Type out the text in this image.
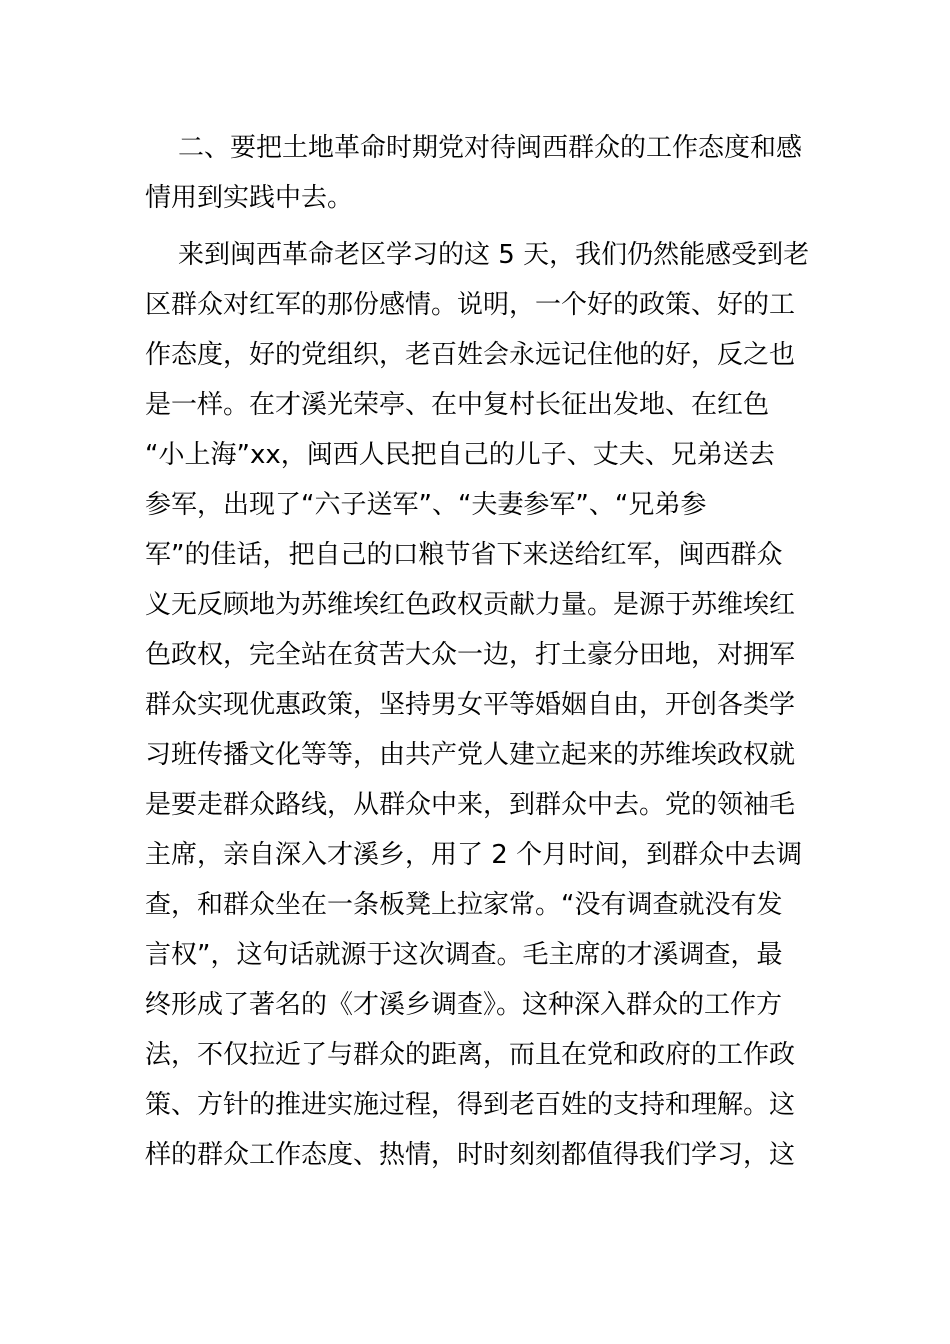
二、要把土地革命时期党对待闽西群众的工作态度和感
情用到实践中去。
来到闽西革命老区学习的这 5 天，我们仍然能感受到老
区群众对红军的那份感情。说明，一个好的政策、好的工
作态度，好的党组织，老百姓会永远记住他的好，反之也
是一样。在才溪光荣亭、在中复村长征出发地、在红色
“小上海”xx，闽西人民把自己的儿子、丈夫、兄弟送去
参军，出现了“六子送军”、“夫妻参军”、“兄弟参
军”的佳话，把自己的口粮节省下来送给红军，闽西群众
义无反顾地为苏维埃红色政权贡献力量。是源于苏维埃红
色政权，完全站在贫苦大众一边，打土豪分田地，对拥军
群众实现优惠政策，坚持男女平等婚姻自由，开创各类学
习班传播文化等等，由共产党人建立起来的苏维埃政权就
是要走群众路线，从群众中来，到群众中去。党的领袖毛
主席，亲自深入才溪乡，用了 2 个月时间，到群众中去调
查，和群众坐在一条板凳上拉家常。“没有调查就没有发
言权”，这句话就源于这次调查。毛主席的才溪调查，最
终形成了著名的《才溪乡调查》。这种深入群众的工作方
法，不仅拉近了与群众的距离，而且在党和政府的工作政
策、方针的推进实施过程，得到老百姓的支持和理解。这
样的群众工作态度、热情，时时刻刻都值得我们学习，这
